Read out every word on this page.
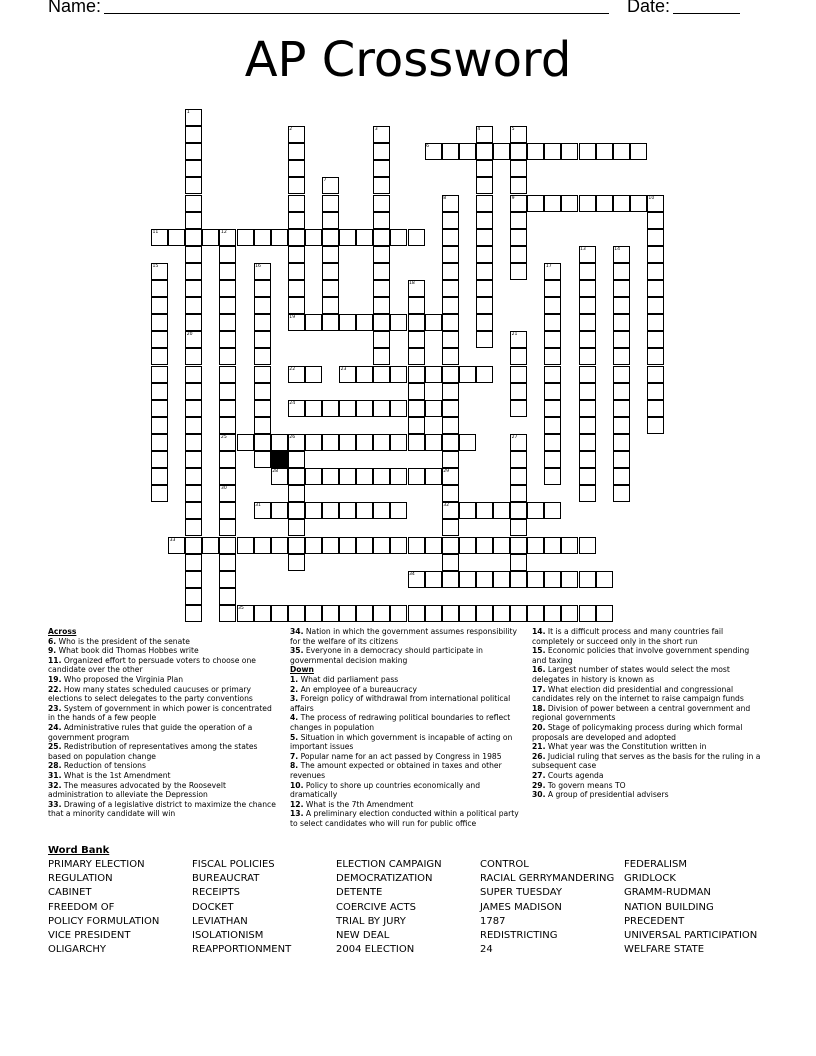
Name:	Date:
AP Crossword
1
2	3	4	5
6
7
8	9	10
11	12
13	14
15	16	17
18
19
20	21
22	23
24
25	26	27
28	29
30
31	32
33
34
35
Across
6. Who is the president of the senate
9. What book did Thomas Hobbes write
11. Organized effort to persuade voters to choose one candidate over the other
19. Who proposed the Virginia Plan
22. How many states scheduled caucuses or primary elections to select delegates to the party conventions
23. System of government in which power is concentrated in the hands of a few people
24. Administrative rules that guide the operation of a government program
25. Redistribution of representatives among the states based on population change
28. Reduction of tensions
31. What is the 1st Amendment
32. The measures advocated by the Roosevelt administration to alleviate the Depression
33. Drawing of a legislative district to maximize the chance that a minority candidate will win
34. Nation in which the government assumes responsibility for the welfare of its citizens
35. Everyone in a democracy should participate in governmental decision making
Down
1. What did parliament pass
2. An employee of a bureaucracy
3. Foreign policy of withdrawal from international political affairs
4. The process of redrawing political boundaries to reflect changes in population
5. Situation in which government is incapable of acting on important issues
7. Popular name for an act passed by Congress in 1985
8. The amount expected or obtained in taxes and other revenues
10. Policy to shore up countries economically and dramatically
12. What is the 7th Amendment
13. A preliminary election conducted within a political party to select candidates who will run for public office
14. It is a difficult process and many countries fail completely or succeed only in the short run
15. Economic policies that involve government spending and taxing
16. Largest number of states would select the most delegates in history is known as
17. What election did presidential and congressional candidates rely on the internet to raise campaign funds
18. Division of power between a central government and regional governments
20. Stage of policymaking process during which formal proposals are developed and adopted
21. What year was the Constitution written in
26. Judicial ruling that serves as the basis for the ruling in a subsequent case
27. Courts agenda
29. To govern means TO
30. A group of presidential advisers
Word Bank
PRIMARY ELECTION
REGULATION
CABINET
FREEDOM OF
POLICY FORMULATION
VICE PRESIDENT
OLIGARCHY
FISCAL POLICIES
BUREAUCRAT
RECEIPTS
DOCKET
LEVIATHAN
ISOLATIONISM
REAPPORTIONMENT
ELECTION CAMPAIGN
DEMOCRATIZATION
DETENTE
COERCIVE ACTS
TRIAL BY JURY
NEW DEAL
2004 ELECTION
CONTROL
RACIAL GERRYMANDERING
SUPER TUESDAY
JAMES MADISON
1787
REDISTRICTING
24
FEDERALISM
GRIDLOCK
GRAMM-RUDMAN
NATION BUILDING
PRECEDENT
UNIVERSAL PARTICIPATION
WELFARE STATE
